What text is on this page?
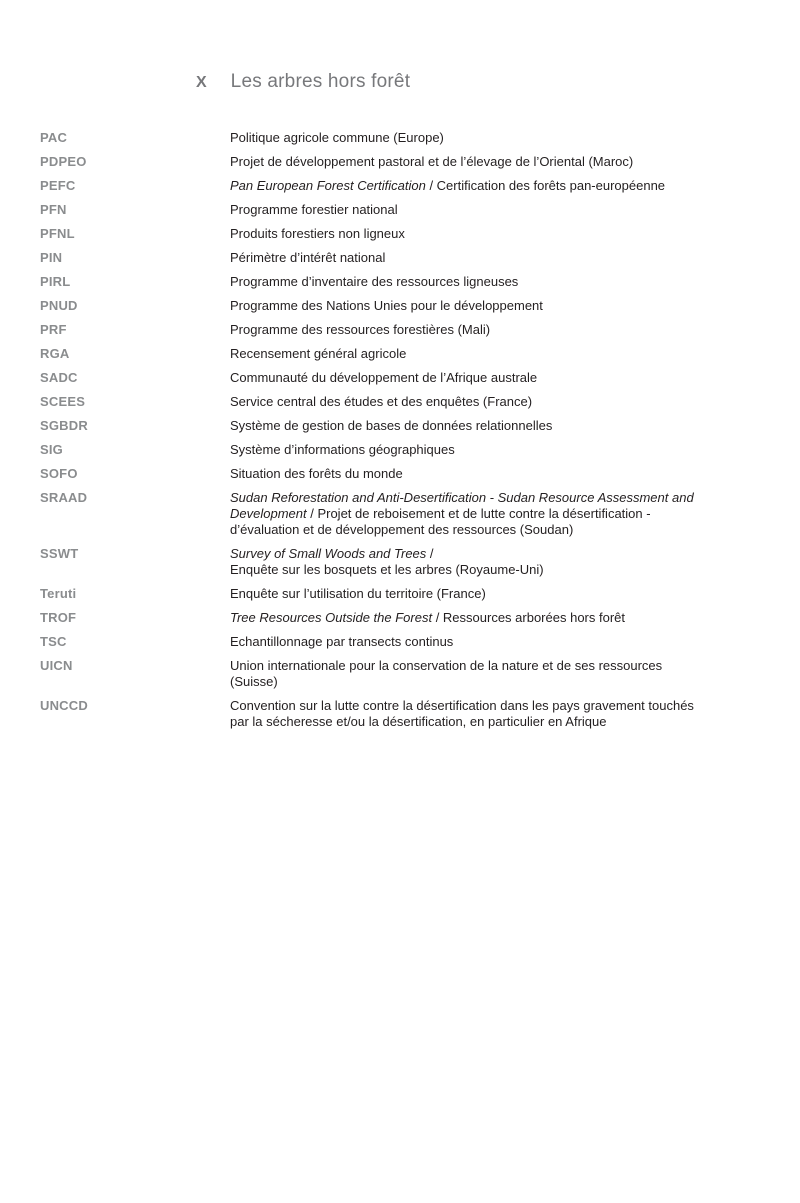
X Les arbres hors forêt
PAC	Politique agricole commune (Europe)
PDPEO	Projet de développement pastoral et de l’élevage de l’Oriental (Maroc)
PEFC	Pan European Forest Certification / Certification des forêts pan-européenne
PFN	Programme forestier national
PFNL	Produits forestiers non ligneux
PIN	Périmètre d’intérêt national
PIRL	Programme d’inventaire des ressources ligneuses
PNUD	Programme des Nations Unies pour le développement
PRF	Programme des ressources forestières (Mali)
RGA	Recensement général agricole
SADC	Communauté du développement de l’Afrique australe
SCEES	Service central des études et des enquêtes (France)
SGBDR	Système de gestion de bases de données relationnelles
SIG	Système d’informations géographiques
SOFO	Situation des forêts du monde
SRAAD	Sudan Reforestation and Anti-Desertification - Sudan Resource Assessment and
Development / Projet de reboisement et de lutte contre la désertification -
d’évaluation et de développement des ressources (Soudan)
SSWT	Survey of Small Woods and Trees /
Enquête sur les bosquets et les arbres (Royaume-Uni)
Teruti	Enquête sur l’utilisation du territoire (France)
TROF	Tree Resources Outside the Forest / Ressources arborées hors forêt
TSC	Echantillonnage par transects continus
UICN	Union internationale pour la conservation de la nature et de ses ressources
(Suisse)
UNCCD	Convention sur la lutte contre la désertification dans les pays gravement touchés
par la sécheresse et/ou la désertification, en particulier en Afrique
